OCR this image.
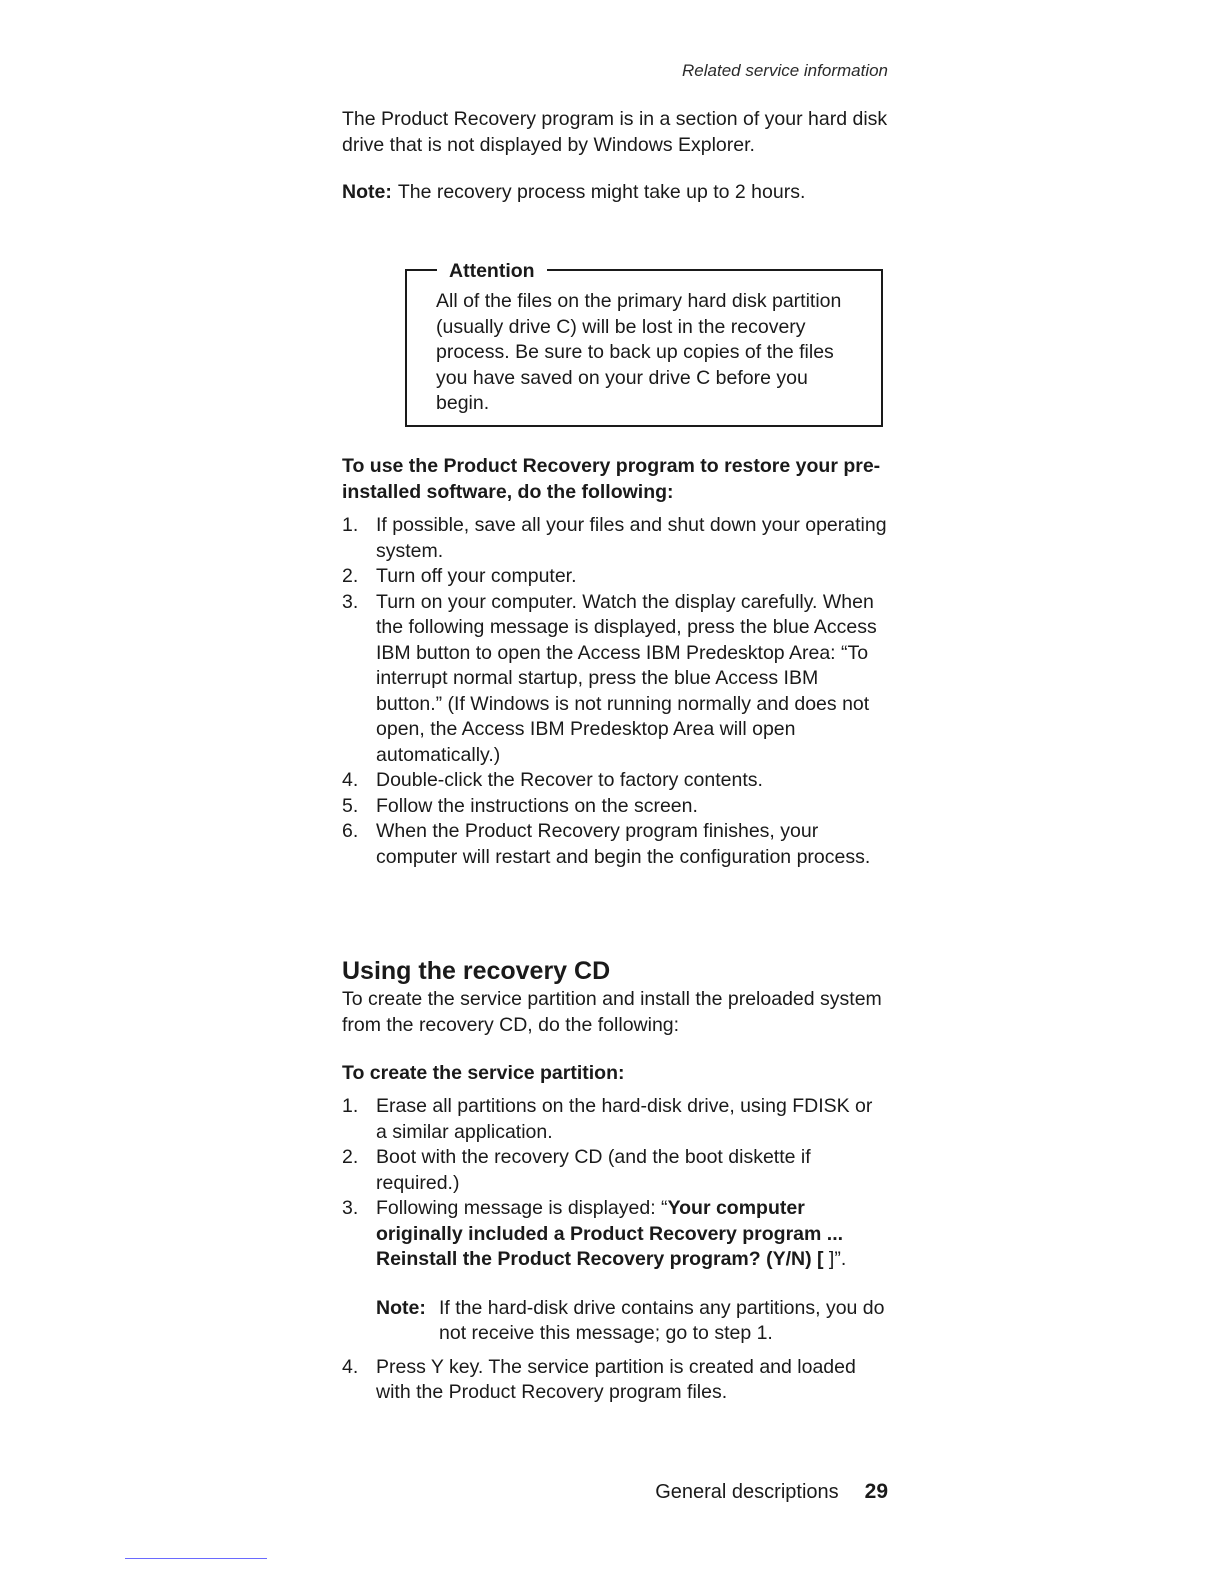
Related service information

The Product Recovery program is in a section of your hard disk drive that is not displayed by Windows Explorer.

Note: The recovery process might take up to 2 hours.

Attention

All of the files on the primary hard disk partition (usually drive C) will be lost in the recovery process. Be sure to back up copies of the files you have saved on your drive C before you begin.

To use the Product Recovery program to restore your pre-installed software, do the following:

1. If possible, save all your files and shut down your operating system.

2. Turn off your computer.

3. Turn on your computer. Watch the display carefully. When the following message is displayed, press the blue Access IBM button to open the Access IBM Predesktop Area: “To interrupt normal startup, press the blue Access IBM button.” (If Windows is not running normally and does not open, the Access IBM Predesktop Area will open automatically.)

4. Double-click the Recover to factory contents.

5. Follow the instructions on the screen.

6. When the Product Recovery program finishes, your computer will restart and begin the configuration process.

Using the recovery CD

To create the service partition and install the preloaded system from the recovery CD, do the following:

To create the service partition:

1. Erase all partitions on the hard-disk drive, using FDISK or a similar application.

2. Boot with the recovery CD (and the boot diskette if required.)

3. Following message is displayed: “Your computer originally included a Product Recovery program ... Reinstall the Product Recovery program? (Y/N) [ ]”.

Note: If the hard-disk drive contains any partitions, you do not receive this message; go to step 1.

4. Press Y key. The service partition is created and loaded with the Product Recovery program files.

General descriptions 29
